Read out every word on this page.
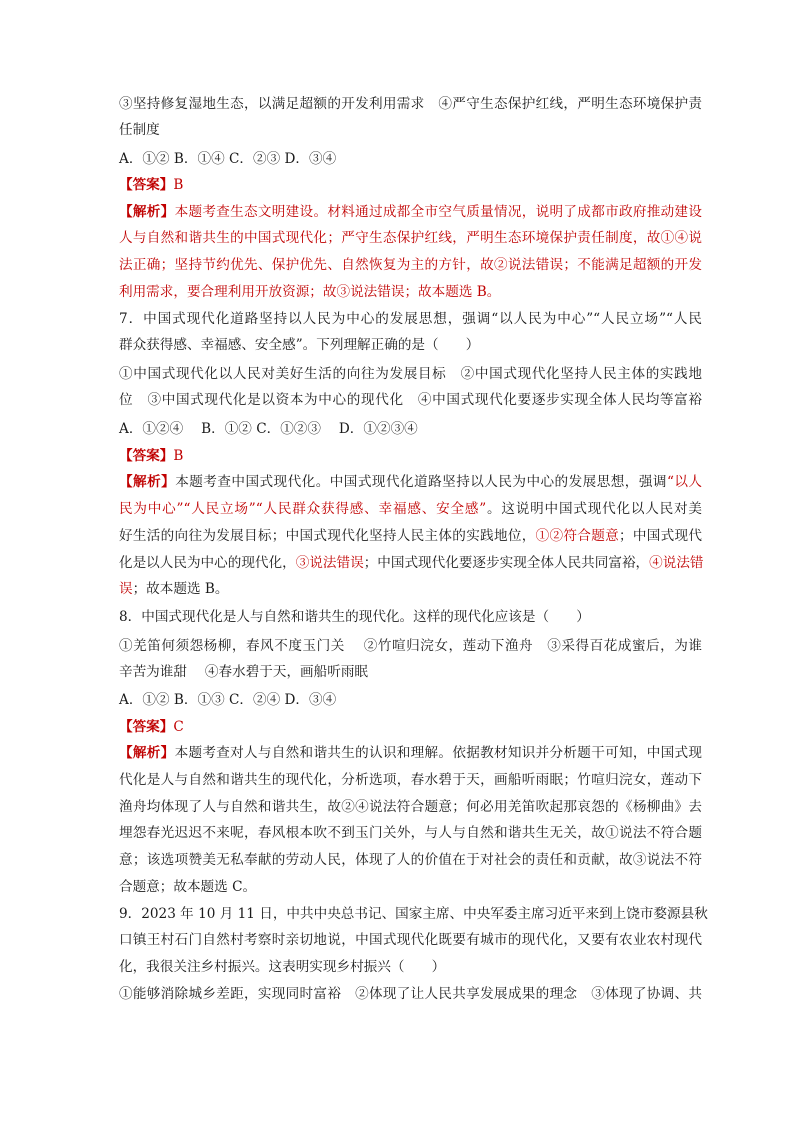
③坚持修复湿地生态，以满足超额的开发利用需求　④严守生态保护红线，严明生态环境保护责
任制度
A．①② B．①④ C．②③ D．③④
【答案】B
【解析】本题考查生态文明建设。材料通过成都全市空气质量情况，说明了成都市政府推动建设
人与自然和谐共生的中国式现代化；严守生态保护红线，严明生态环境保护责任制度，故①④说
法正确；坚持节约优先、保护优先、自然恢复为主的方针，故②说法错误；不能满足超额的开发
利用需求，要合理利用开放资源；故③说法错误；故本题选 B。
7．中国式现代化道路坚持以人民为中心的发展思想，强调“以人民为中心”“人民立场”“人民
群众获得感、幸福感、安全感”。下列理解正确的是（　　）
①中国式现代化以人民对美好生活的向往为发展目标　②中国式现代化坚持人民主体的实践地
位　③中国式现代化是以资本为中心的现代化　④中国式现代化要逐步实现全体人民均等富裕
A．①②④　 B．①② C．①②③　 D．①②③④
【答案】B
【解析】本题考查中国式现代化。中国式现代化道路坚持以人民为中心的发展思想，强调“以人
民为中心”“人民立场”“人民群众获得感、幸福感、安全感”。这说明中国式现代化以人民对美
好生活的向往为发展目标；中国式现代化坚持人民主体的实践地位，①②符合题意；中国式现代
化是以人民为中心的现代化，③说法错误；中国式现代化要逐步实现全体人民共同富裕，④说法错
误；故本题选 B。
8．中国式现代化是人与自然和谐共生的现代化。这样的现代化应该是（　　）
①羌笛何须怨杨柳，春风不度玉门关　 ②竹喧归浣女，莲动下渔舟　③采得百花成蜜后，为谁
辛苦为谁甜　 ④春水碧于天，画船听雨眠
A．①② B．①③ C．②④ D．③④
【答案】C
【解析】本题考查对人与自然和谐共生的认识和理解。依据教材知识并分析题干可知，中国式现
代化是人与自然和谐共生的现代化，分析选项，春水碧于天，画船听雨眠；竹喧归浣女，莲动下
渔舟均体现了人与自然和谐共生，故②④说法符合题意；何必用羌笛吹起那哀怨的《杨柳曲》去
埋怨春光迟迟不来呢，春风根本吹不到玉门关外，与人与自然和谐共生无关，故①说法不符合题
意；该选项赞美无私奉献的劳动人民，体现了人的价值在于对社会的责任和贡献，故③说法不符
合题意；故本题选 C。
9．2023 年 10 月 11 日，中共中央总书记、国家主席、中央军委主席习近平来到上饶市婺源县秋
口镇王村石门自然村考察时亲切地说，中国式现代化既要有城市的现代化，又要有农业农村现代
化，我很关注乡村振兴。这表明实现乡村振兴（　　）
①能够消除城乡差距，实现同时富裕　②体现了让人民共享发展成果的理念　③体现了协调、共
